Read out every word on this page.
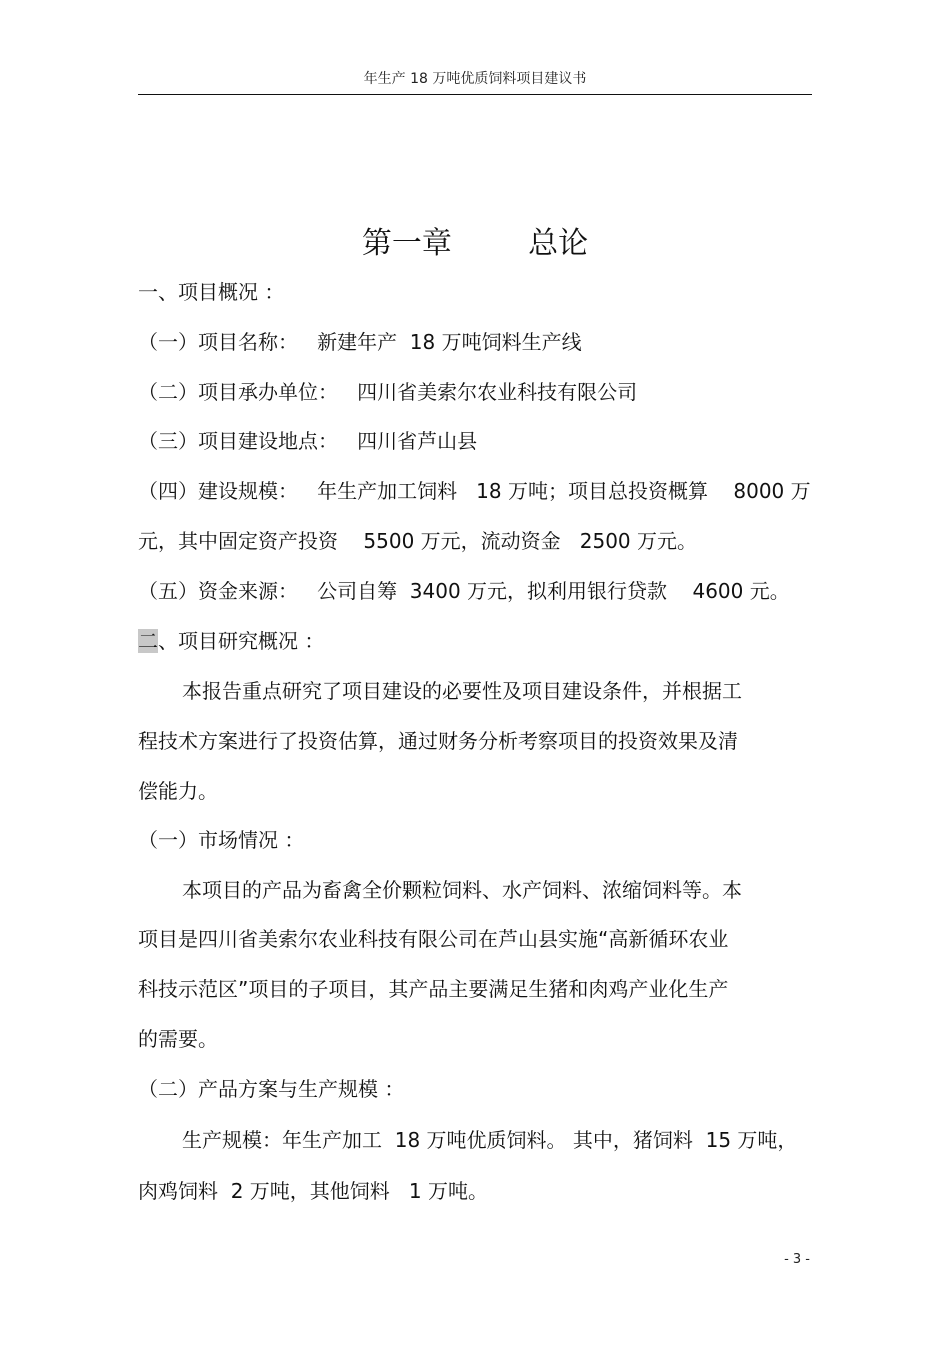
年生产 18 万吨优质饲料项目建议书
第一章        总论
一、项目概况 ：
（一）项目名称：   新建年产  18 万吨饲料生产线
（二）项目承办单位：   四川省美索尔农业科技有限公司
（三）项目建设地点：   四川省芦山县
（四）建设规模：   年生产加工饲料   18 万吨；项目总投资概算    8000 万
元，其中固定资产投资    5500 万元，流动资金   2500 万元。
（五）资金来源：   公司自筹  3400 万元，拟利用银行贷款    4600 元。
二、项目研究概况 ：
本报告重点研究了项目建设的必要性及项目建设条件，并根据工
程技术方案进行了投资估算，通过财务分析考察项目的投资效果及清
偿能力。
（一）市场情况 ：
本项目的产品为畜禽全价颗粒饲料、水产饲料、浓缩饲料等。本
项目是四川省美索尔农业科技有限公司在芦山县实施“高新循环农业
科技示范区”项目的子项目，其产品主要满足生猪和肉鸡产业化生产
的需要。
（二）产品方案与生产规模 ：
生产规模：年生产加工  18 万吨优质饲料。 其中，猪饲料  15 万吨，
肉鸡饲料  2 万吨，其他饲料   1 万吨。
- 3 -
